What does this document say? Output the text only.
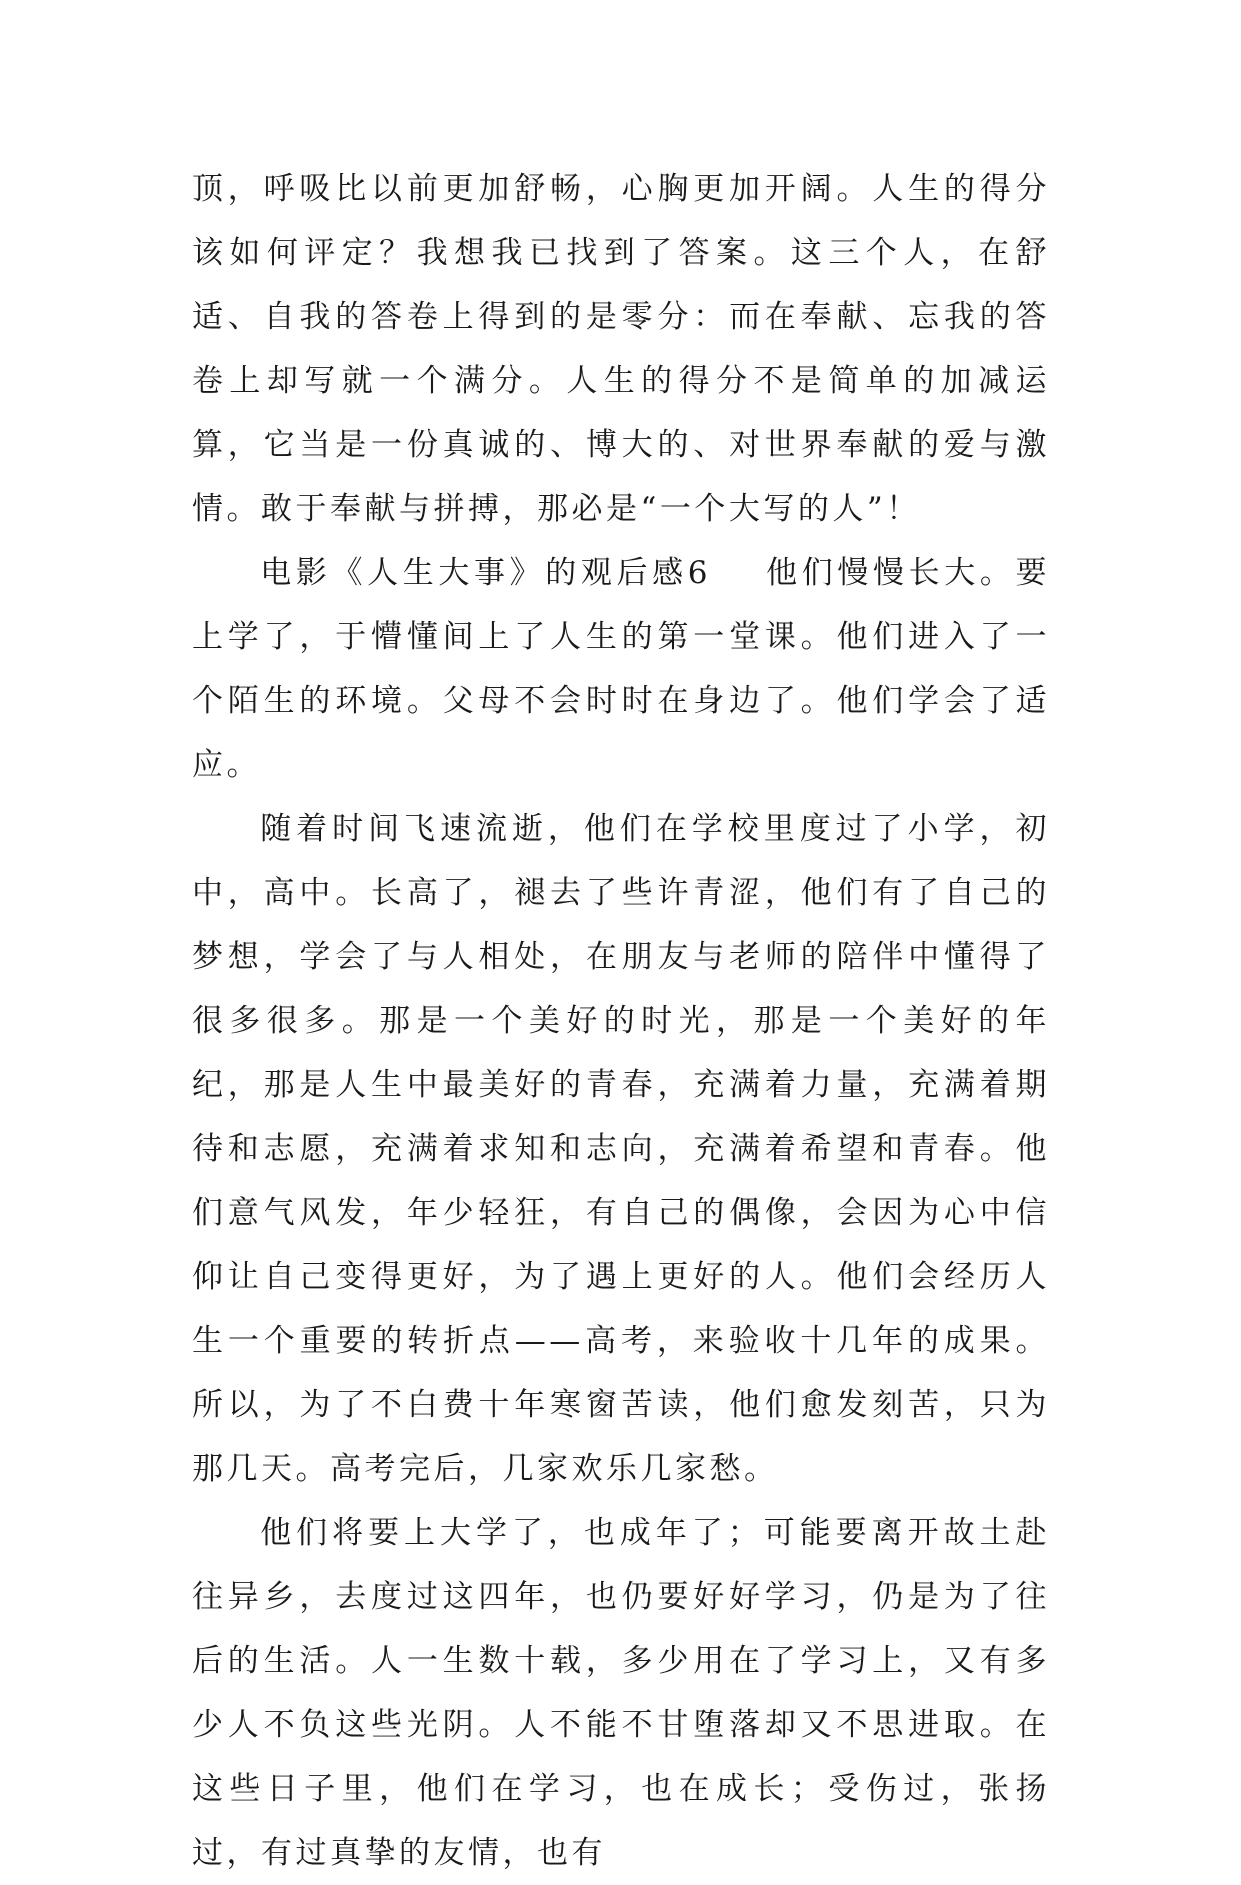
顶，呼吸比以前更加舒畅，心胸更加开阔。人生的得分该如何评定？我想我已找到了答案。这三个人，在舒适、自我的答卷上得到的是零分：而在奉献、忘我的答卷上却写就一个满分。人生的得分不是简单的加减运算，它当是一份真诚的、博大的、对世界奉献的爱与激情。敢于奉献与拼搏，那必是“一个大写的人”！

电影《人生大事》的观后感6 他们慢慢长大。要上学了，于懵懂间上了人生的第一堂课。他们进入了一个陌生的环境。父母不会时时在身边了。他们学会了适应。

随着时间飞速流逝，他们在学校里度过了小学，初中，高中。长高了，褪去了些许青涩，他们有了自己的梦想，学会了与人相处，在朋友与老师的陪伴中懂得了很多很多。那是一个美好的时光，那是一个美好的年纪，那是人生中最美好的青春，充满着力量，充满着期待和志愿，充满着求知和志向，充满着希望和青春。他们意气风发，年少轻狂，有自己的偶像，会因为心中信仰让自己变得更好，为了遇上更好的人。他们会经历人生一个重要的转折点——高考，来验收十几年的成果。所以，为了不白费十年寒窗苦读，他们愈发刻苦，只为那几天。高考完后，几家欢乐几家愁。

他们将要上大学了，也成年了；可能要离开故土赴往异乡，去度过这四年，也仍要好好学习，仍是为了往后的生活。人一生数十载，多少用在了学习上，又有多少人不负这些光阴。人不能不甘堕落却又不思进取。在这些日子里，他们在学习，也在成长；受伤过，张扬过，有过真挚的友情，也有
